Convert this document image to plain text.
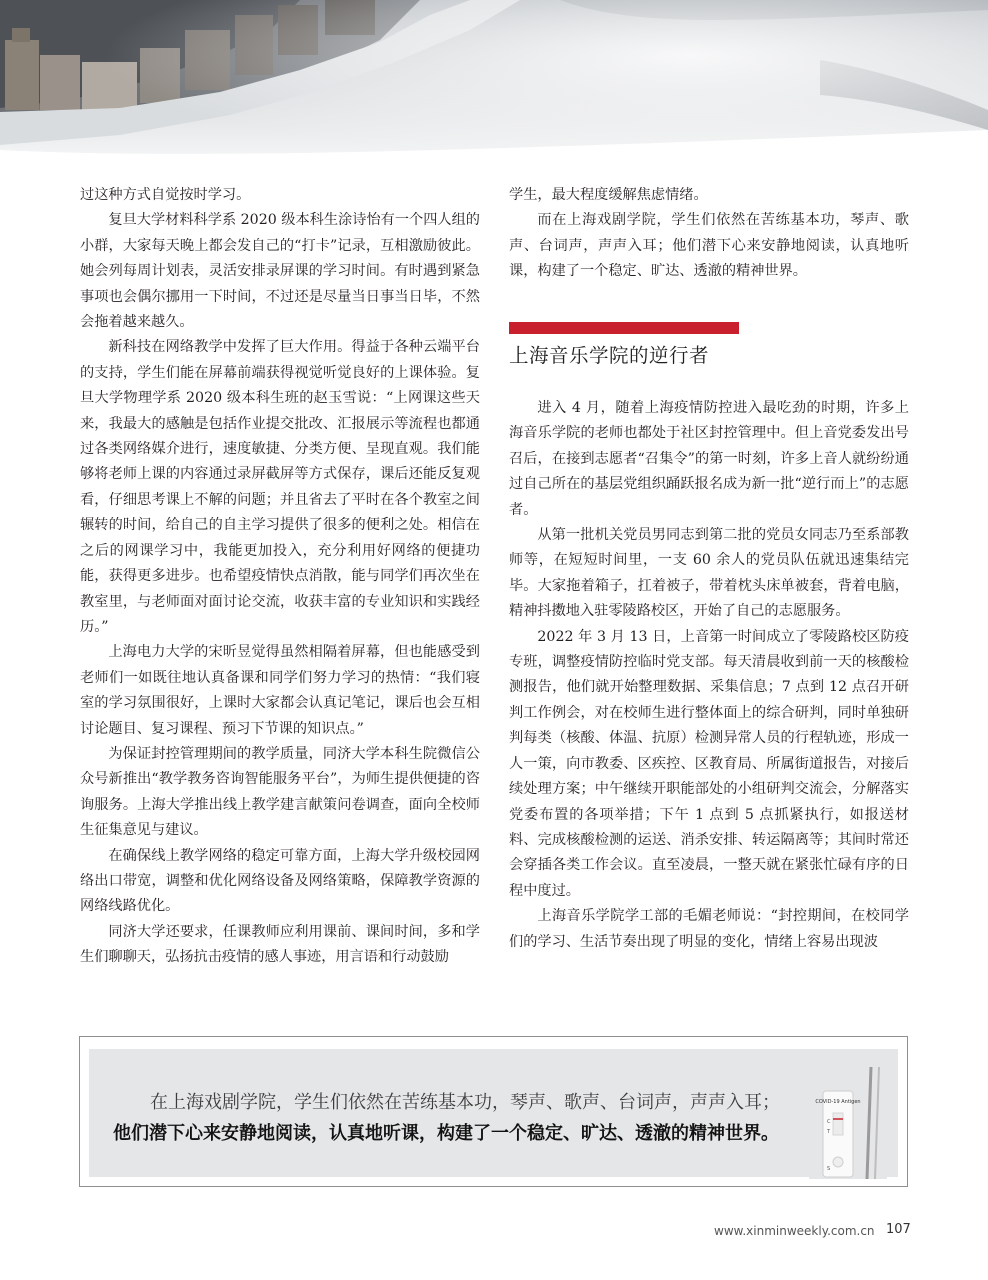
过这种方式自觉按时学习。

复旦大学材料科学系 2020 级本科生涂诗怡有一个四人组的小群，大家每天晚上都会发自己的“打卡”记录，互相激励彼此。她会列每周计划表，灵活安排录屏课的学习时间。有时遇到紧急事项也会偶尔挪用一下时间，不过还是尽量当日事当日毕，不然会拖着越来越久。

新科技在网络教学中发挥了巨大作用。得益于各种云端平台的支持，学生们能在屏幕前端获得视觉听觉良好的上课体验。复旦大学物理学系 2020 级本科生班的赵玉雪说：“上网课这些天来，我最大的感触是包括作业提交批改、汇报展示等流程也都通过各类网络媒介进行，速度敏捷、分类方便、呈现直观。我们能够将老师上课的内容通过录屏截屏等方式保存，课后还能反复观看，仔细思考课上不解的问题；并且省去了平时在各个教室之间辗转的时间，给自己的自主学习提供了很多的便利之处。相信在之后的网课学习中，我能更加投入，充分利用好网络的便捷功能，获得更多进步。也希望疫情快点消散，能与同学们再次坐在教室里，与老师面对面讨论交流，收获丰富的专业知识和实践经历。”

上海电力大学的宋昕昱觉得虽然相隔着屏幕，但也能感受到老师们一如既往地认真备课和同学们努力学习的热情：“我们寝室的学习氛围很好，上课时大家都会认真记笔记，课后也会互相讨论题目、复习课程、预习下节课的知识点。”

为保证封控管理期间的教学质量，同济大学本科生院微信公众号新推出“教学教务咨询智能服务平台”，为师生提供便捷的咨询服务。上海大学推出线上教学建言献策问卷调查，面向全校师生征集意见与建议。

在确保线上教学网络的稳定可靠方面，上海大学升级校园网络出口带宽，调整和优化网络设备及网络策略，保障教学资源的网络线路优化。

同济大学还要求，任课教师应利用课前、课间时间，多和学生们聊聊天，弘扬抗击疫情的感人事迹，用言语和行动鼓励

学生，最大程度缓解焦虑情绪。

而在上海戏剧学院，学生们依然在苦练基本功，琴声、歌声、台词声，声声入耳；他们潜下心来安静地阅读，认真地听课，构建了一个稳定、旷达、透澈的精神世界。

上海音乐学院的逆行者

进入 4 月，随着上海疫情防控进入最吃劲的时期，许多上海音乐学院的老师也都处于社区封控管理中。但上音党委发出号召后，在接到志愿者“召集令”的第一时刻，许多上音人就纷纷通过自己所在的基层党组织踊跃报名成为新一批“逆行而上”的志愿者。

从第一批机关党员男同志到第二批的党员女同志乃至系部教师等，在短短时间里，一支 60 余人的党员队伍就迅速集结完毕。大家拖着箱子，扛着被子，带着枕头床单被套，背着电脑，精神抖擞地入驻零陵路校区，开始了自己的志愿服务。

2022 年 3 月 13 日，上音第一时间成立了零陵路校区防疫专班，调整疫情防控临时党支部。每天清晨收到前一天的核酸检测报告，他们就开始整理数据、采集信息；7 点到 12 点召开研判工作例会，对在校师生进行整体面上的综合研判，同时单独研判每类（核酸、体温、抗原）检测异常人员的行程轨迹，形成一人一策，向市教委、区疾控、区教育局、所属街道报告，对接后续处理方案；中午继续开职能部处的小组研判交流会，分解落实党委布置的各项举措；下午 1 点到 5 点抓紧执行，如报送材料、完成核酸检测的运送、消杀安排、转运隔离等；其间时常还会穿插各类工作会议。直至凌晨，一整天就在紧张忙碌有序的日程中度过。

上海音乐学院学工部的毛媚老师说：“封控期间，在校同学们的学习、生活节奏出现了明显的变化，情绪上容易出现波

在上海戏剧学院，学生们依然在苦练基本功，琴声、歌声、台词声，声声入耳；
他们潜下心来安静地阅读，认真地听课，构建了一个稳定、旷达、透澈的精神世界。
COVID-19 Antigen
C
T
S
www.xinminweekly.com.cn 107
